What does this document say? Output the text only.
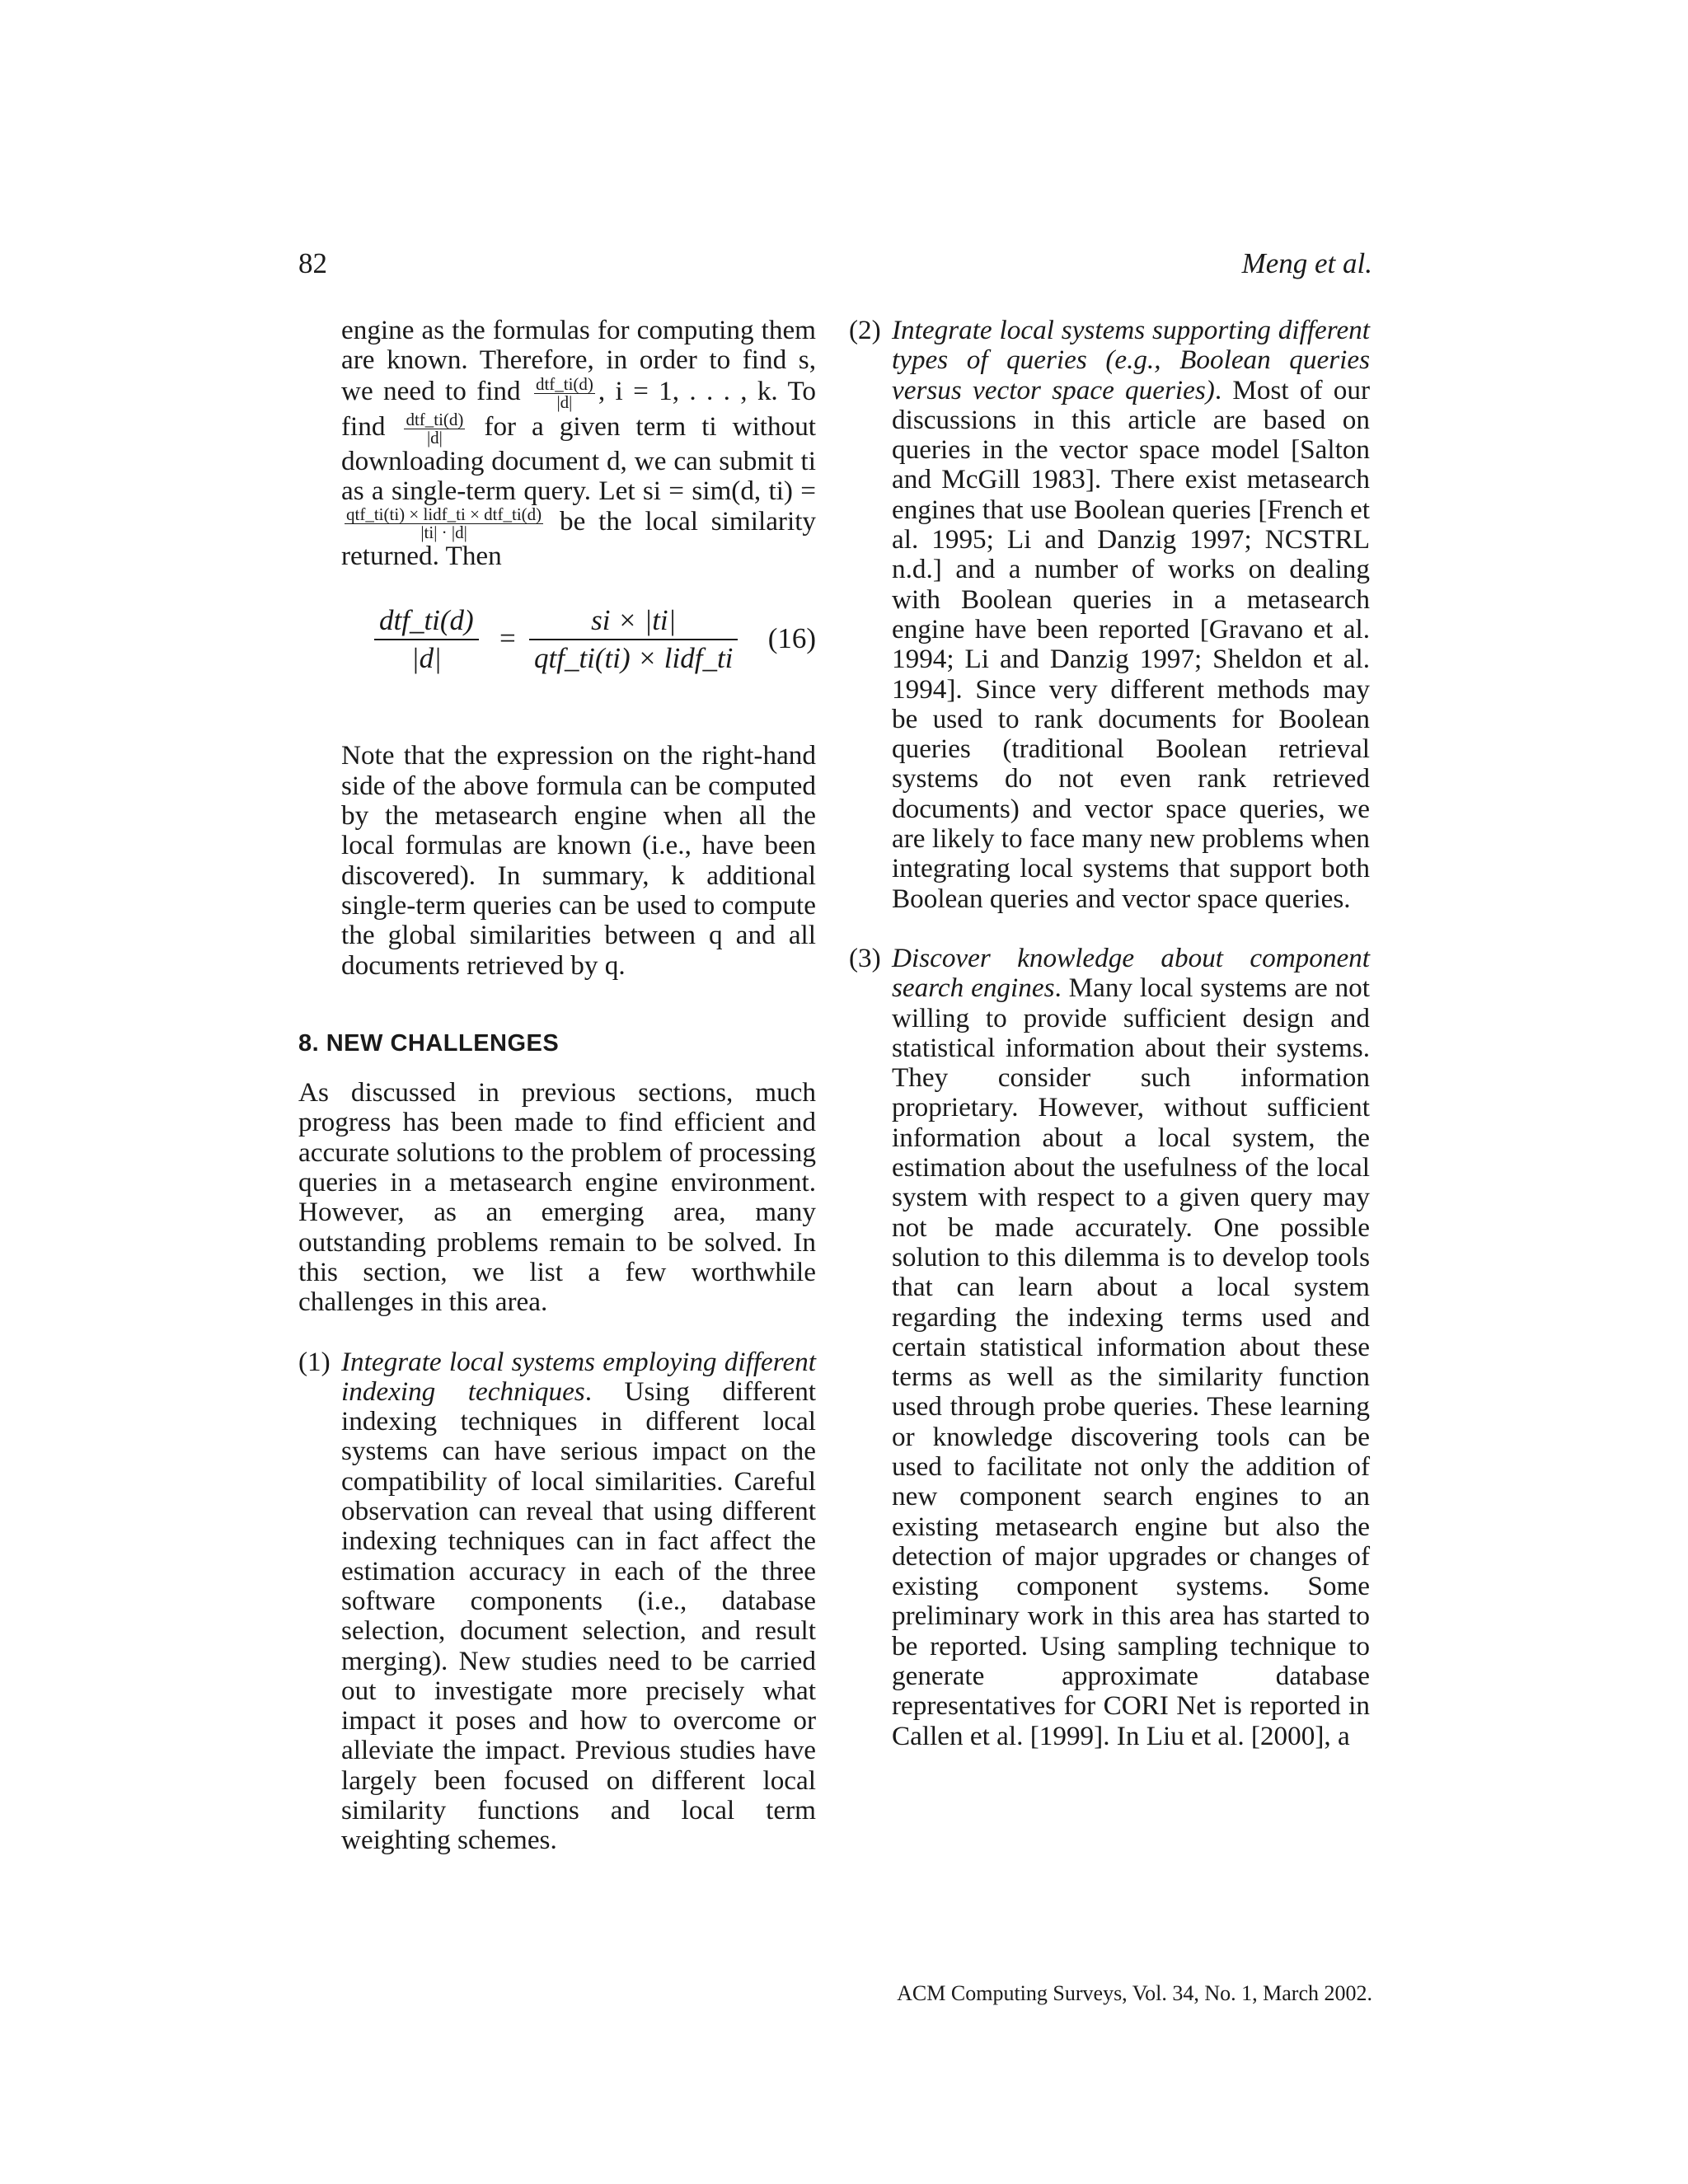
82	Meng et al.

engine as the formulas for computing them are known. Therefore, in order to find s, we need to find $\frac{\text{dtf\_ti(d)}}{|d|}$ , i = 1, . . . , k. To find $\frac{\text{dtf\_ti(d)}}{|d|}$ for a given term ti without downloading document d, we can submit ti as a single-term query. Let si = sim(d, ti) =
$\frac{\text{qtf\_ti(ti) × lidf\_ti × dtf\_ti(d)}}{|ti| \cdot |d|}$ be the local similarity returned. Then

dtf_ti(d)
|d|
=
si × |ti|
qtf_ti(ti) × lidf_ti
(16)

Note that the expression on the right-hand side of the above formula can be computed by the metasearch engine when all the local formulas are known (i.e., have been discovered). In summary, k additional single-term queries can be used to compute the global similarities between q and all documents retrieved by q.

8. NEW CHALLENGES

As discussed in previous sections, much progress has been made to find efficient and accurate solutions to the problem of processing queries in a metasearch engine environment. However, as an emerging area, many outstanding problems remain to be solved. In this section, we list a few worthwhile challenges in this area.

(1) Integrate local systems employing different indexing techniques. Using different indexing techniques in different local systems can have serious impact on the compatibility of local similarities. Careful observation can reveal that using different indexing techniques can in fact affect the estimation accuracy in each of the three software components (i.e., database selection, document selection, and result merging). New studies need to be carried out to investigate more precisely what impact it poses and how to overcome or alleviate the impact. Previous studies have largely been focused on different local similarity functions and local term weighting schemes.

(2) Integrate local systems supporting different types of queries (e.g., Boolean queries versus vector space queries). Most of our discussions in this article are based on queries in the vector space model [Salton and McGill 1983]. There exist metasearch engines that use Boolean queries [French et al. 1995; Li and Danzig 1997; NCSTRL n.d.] and a number of works on dealing with Boolean queries in a metasearch engine have been reported [Gravano et al. 1994; Li and Danzig 1997; Sheldon et al. 1994]. Since very different methods may be used to rank documents for Boolean queries (traditional Boolean retrieval systems do not even rank retrieved documents) and vector space queries, we are likely to face many new problems when integrating local systems that support both Boolean queries and vector space queries.

(3) Discover knowledge about component search engines. Many local systems are not willing to provide sufficient design and statistical information about their systems. They consider such information proprietary. However, without sufficient information about a local system, the estimation about the usefulness of the local system with respect to a given query may not be made accurately. One possible solution to this dilemma is to develop tools that can learn about a local system regarding the indexing terms used and certain statistical information about these terms as well as the similarity function used through probe queries. These learning or knowledge discovering tools can be used to facilitate not only the addition of new component search engines to an existing metasearch engine but also the detection of major upgrades or changes of existing component systems. Some preliminary work in this area has started to be reported. Using sampling technique to generate approximate database representatives for CORI Net is reported in Callen et al. [1999]. In Liu et al. [2000], a

ACM Computing Surveys, Vol. 34, No. 1, March 2002.
